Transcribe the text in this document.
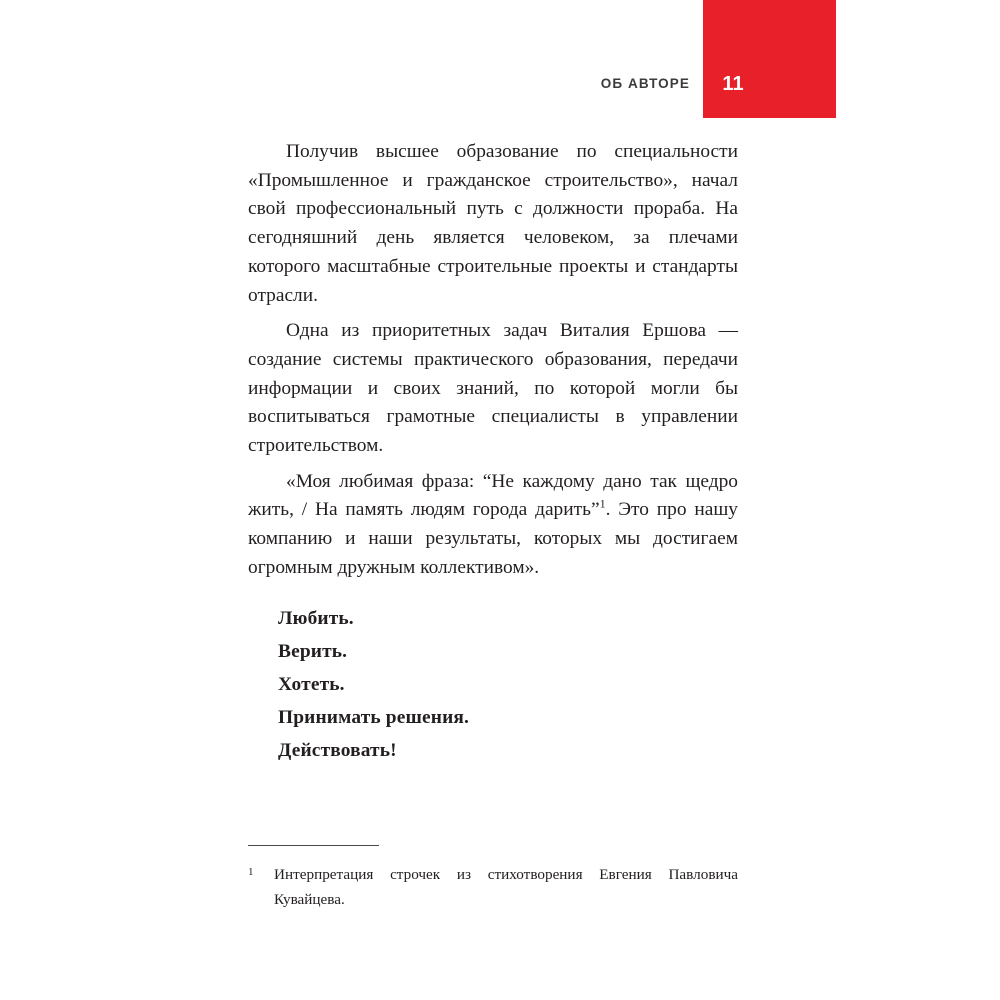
ОБ АВТОРЕ	11

Получив высшее образование по специальности «Промышленное и гражданское строительство», начал свой профессиональный путь с должности прораба. На сегодняшний день является человеком, за плечами которого масштабные строительные проекты и стандарты отрасли.

Одна из приоритетных задач Виталия Ершова — создание системы практического образования, передачи информации и своих знаний, по которой могли бы воспитываться грамотные специалисты в управлении строительством.

«Моя любимая фраза: “Не каждому дано так щедро жить, / На память людям города дарить”$^1$. Это про нашу компанию и наши результаты, которых мы достигаем огромным дружным коллективом».

Любить.

Верить.

Хотеть.

Принимать решения.

Действовать!

1 Интерпретация строчек из стихотворения Евгения Павловича Кувайцева.
